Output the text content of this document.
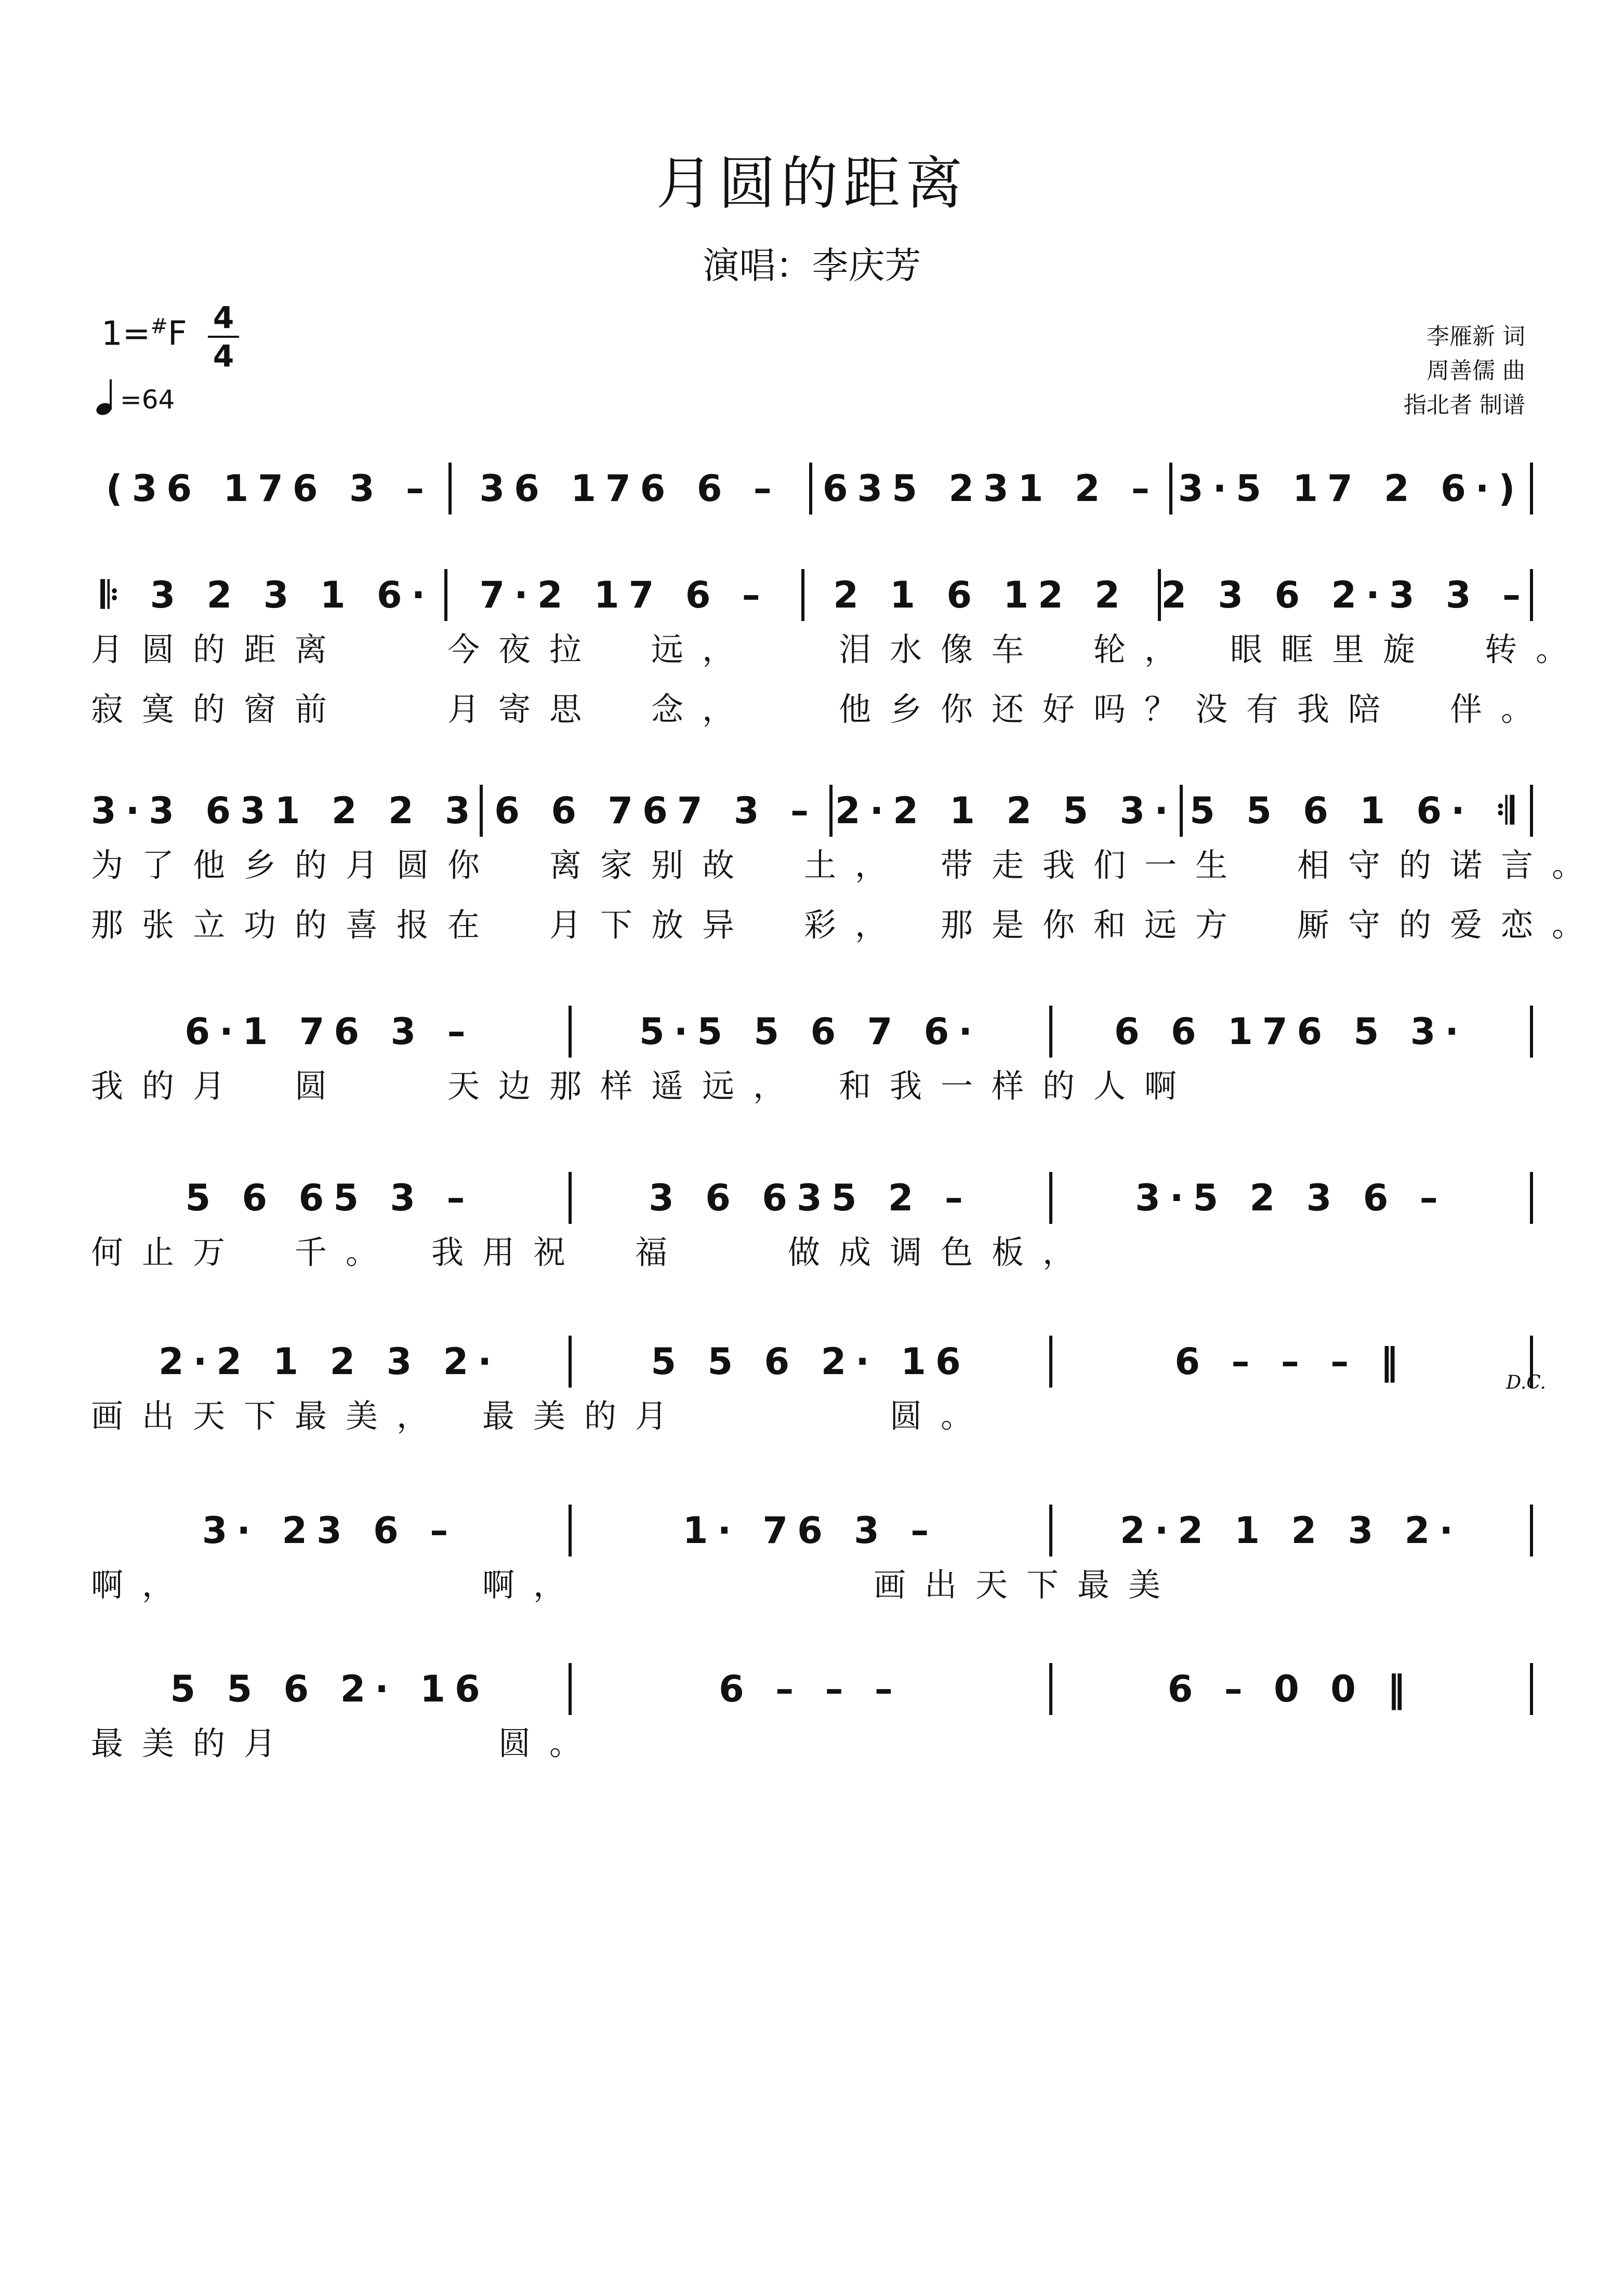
月圆的距离
演唱：李庆芳
1=#F 4
4
=64
李雁新 词
周善儒 曲
指北者 制谱
(36 176 3 –	36 176 6 –	635 231 2 – 3·5 17 2 6·)
𝄆 3 2 3 1 6·	7·2 17 6 –	2 1 6 12 2 2 3 6 2·3 3 –
月圆的距离　　今夜拉　远，　　泪水像车　轮，　眼眶里旋　转。
寂寞的窗前　　月寄思　念，　　他乡你还好吗？没有我陪　伴。
3·3 631 2 2 3 6 6 767 3 – 2·2 1 2 5 3· 5 5 6 1 6· 𝄇
为了他乡的月圆你　离家别故　土，　带走我们一生　相守的诺言。
那张立功的喜报在　月下放异　彩，　那是你和远方　厮守的爱恋。
6·1 76 3 –	5·5 5 6 7 6·	6 6 176 5 3·
我的月　圆　　天边那样遥远，　和我一样的人啊
5 6 65 3 –	3 6 635 2 –	3·5 2 3 6 –
何止万　千。　我用祝　福　　做成调色板，
2·2 1 2 3 2·	5 5 6 2· 16	6 – – – ‖
画出天下最美，　最美的月　　　　圆。
D.C.
3· 23 6 –	1· 76 3 –	2·2 1 2 3 2·
啊，　　　　　　啊，　　　　　　画出天下最美
5 5 6 2· 16	6 – – –	6 – 0 0 ‖
最美的月　　　　圆。
